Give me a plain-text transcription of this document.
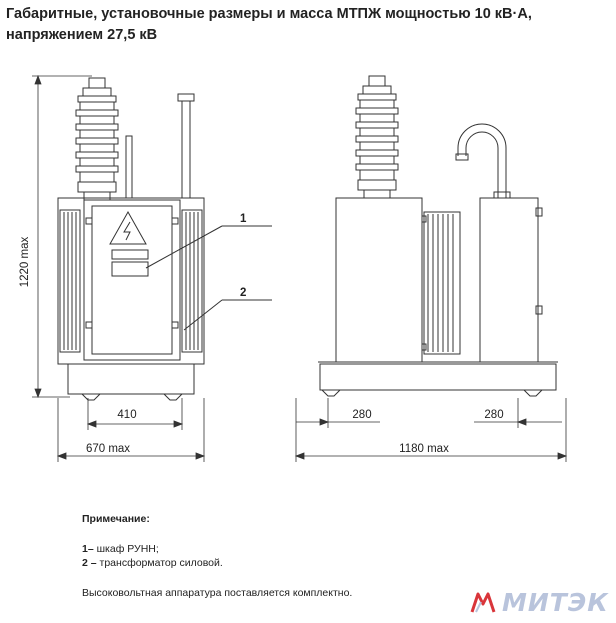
Габаритные, установочные размеры и масса МТПЖ мощностью 10 кВ·А,
напряжением 27,5 кВ
1220 max
410
670 max
280	280
1180 max
1
2
Примечание:
1– шкаф РУНН;
2 – трансформатор силовой.
Высоковольтная аппаратура поставляется комплектно.	МИТЭК
